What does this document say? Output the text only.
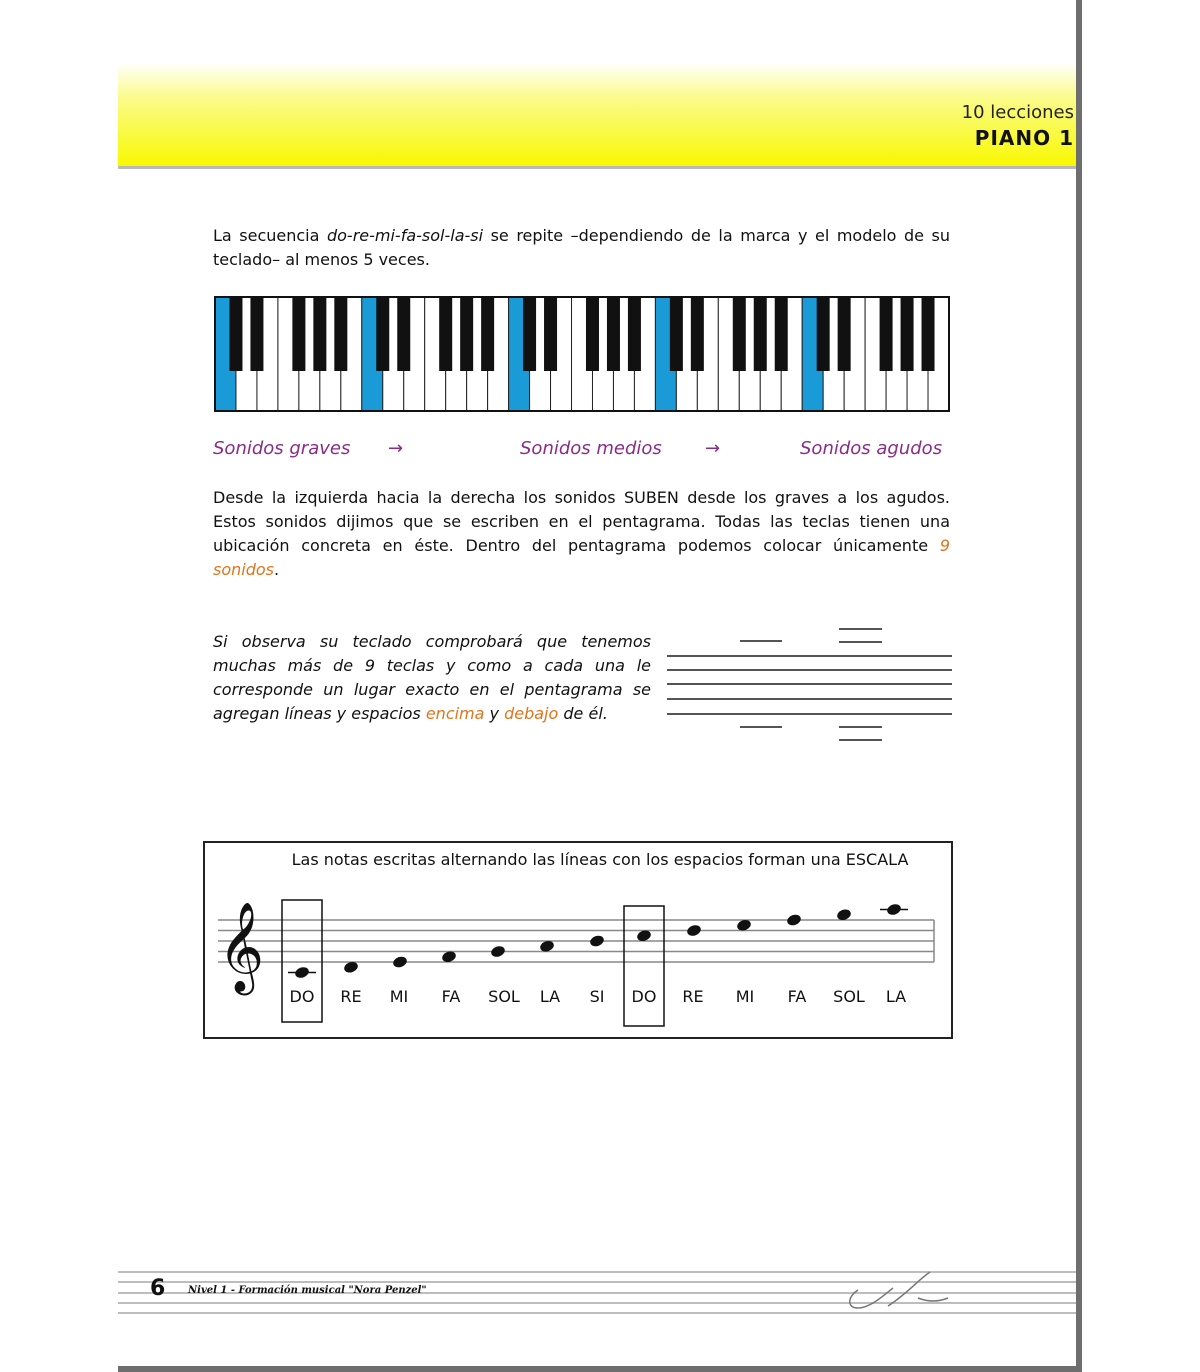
10 lecciones
PIANO 1
La secuencia do-re-mi-fa-sol-la-si se repite –dependiendo de la marca y el modelo de su teclado– al menos 5 veces.
Sonidos graves →	Sonidos medios →	Sonidos agudos
Desde la izquierda hacia la derecha los sonidos SUBEN desde los graves a los agudos. Estos sonidos dijimos que se escriben en el pentagrama. Todas las teclas tienen una ubicación concreta en éste. Dentro del pentagrama podemos colocar únicamente 9 sonidos.
Si observa su teclado comprobará que tenemos muchas más de 9 teclas y como a cada una le corresponde un lugar exacto en el pentagrama se agregan líneas y espacios encima y debajo de él.
Las notas escritas alternando las líneas con los espacios forman una ESCALA
𝄞
DO RE MI FA SOL LA SI DO RE MI FA SOL LA
6 Nivel 1 - Formación musical "Nora Penzel"
